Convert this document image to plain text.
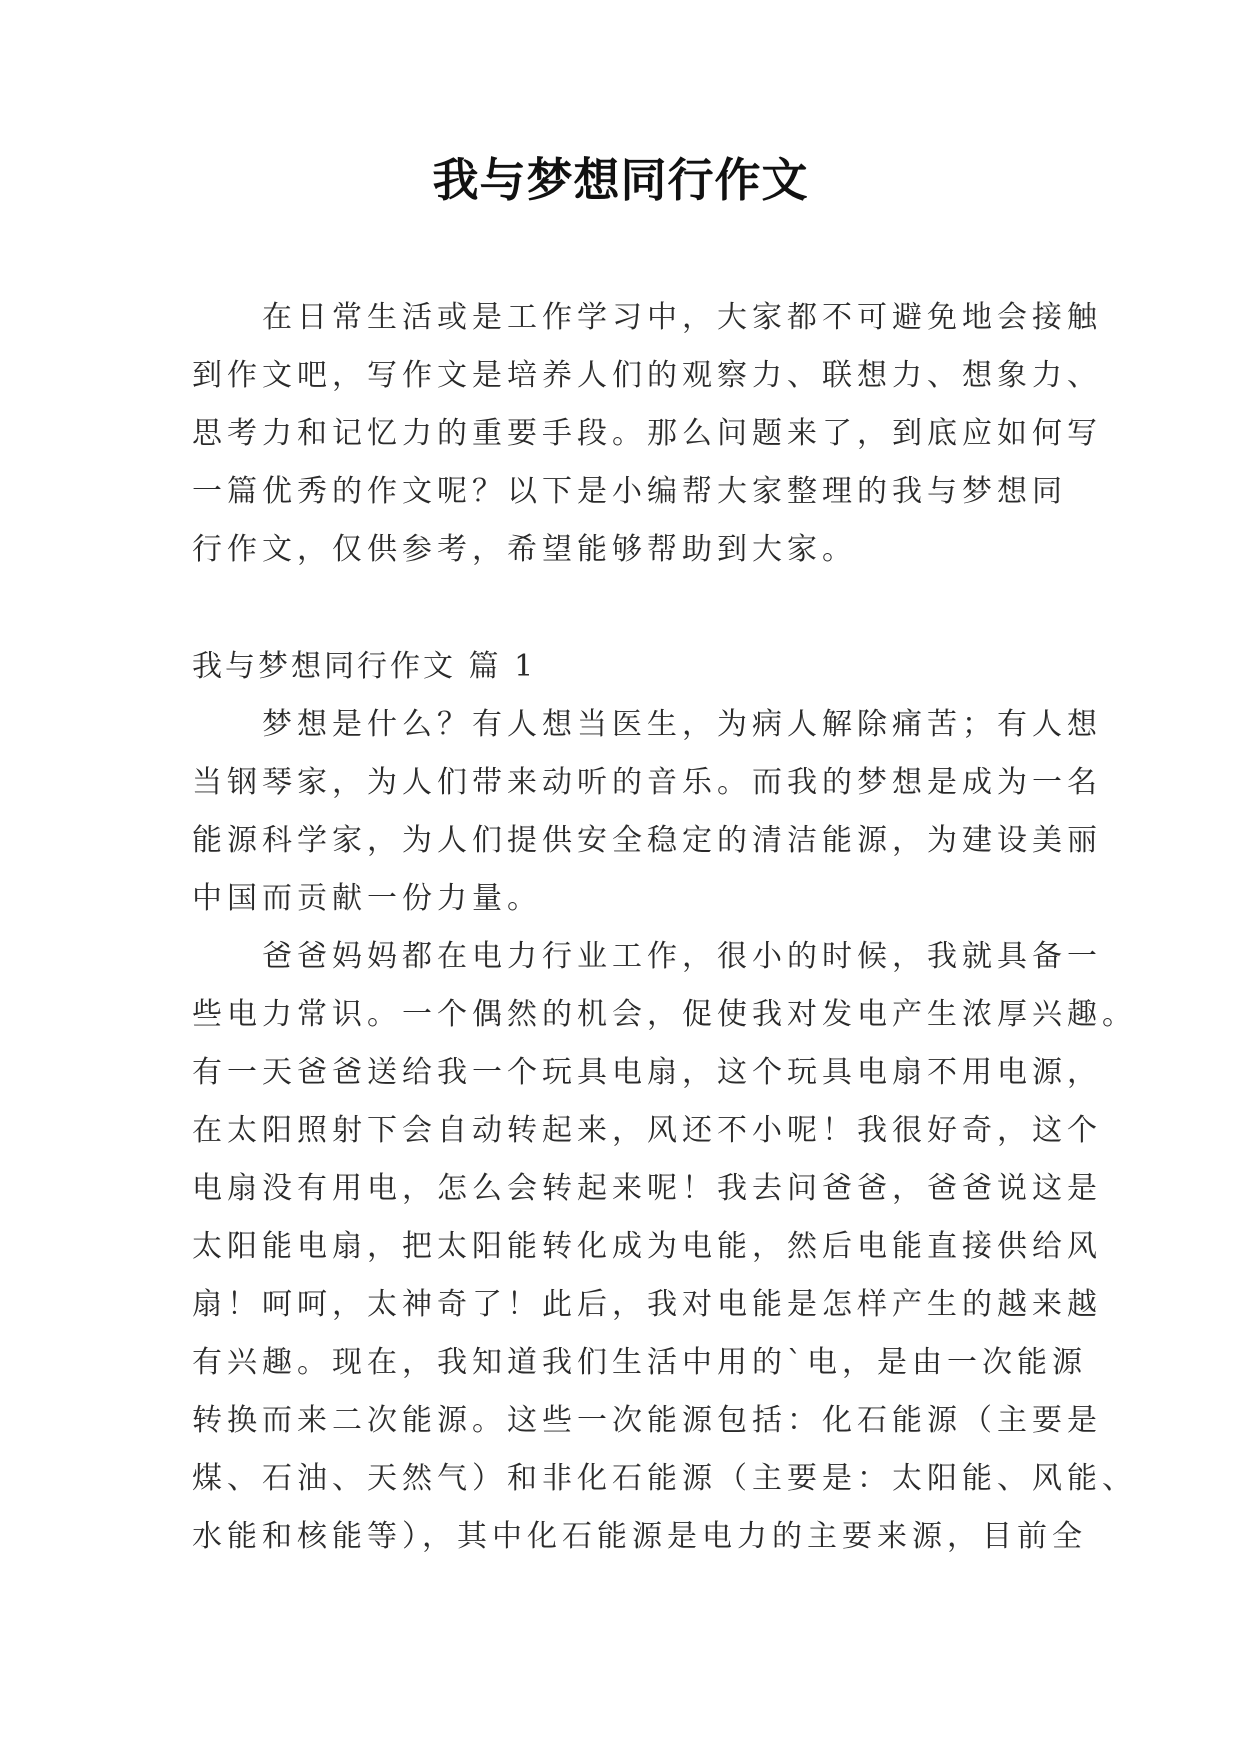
我与梦想同行作文
　　在日常生活或是工作学习中，大家都不可避免地会接触
到作文吧，写作文是培养人们的观察力、联想力、想象力、
思考力和记忆力的重要手段。那么问题来了，到底应如何写
一篇优秀的作文呢？以下是小编帮大家整理的我与梦想同
行作文，仅供参考，希望能够帮助到大家。
我与梦想同行作文 篇 1
　　梦想是什么？有人想当医生，为病人解除痛苦；有人想
当钢琴家，为人们带来动听的音乐。而我的梦想是成为一名
能源科学家，为人们提供安全稳定的清洁能源，为建设美丽
中国而贡献一份力量。
　　爸爸妈妈都在电力行业工作，很小的时候，我就具备一
些电力常识。一个偶然的机会，促使我对发电产生浓厚兴趣。
有一天爸爸送给我一个玩具电扇，这个玩具电扇不用电源，
在太阳照射下会自动转起来，风还不小呢！我很好奇，这个
电扇没有用电，怎么会转起来呢！我去问爸爸，爸爸说这是
太阳能电扇，把太阳能转化成为电能，然后电能直接供给风
扇！呵呵，太神奇了！此后，我对电能是怎样产生的越来越
有兴趣。现在，我知道我们生活中用的`电，是由一次能源
转换而来二次能源。这些一次能源包括：化石能源（主要是
煤、石油、天然气）和非化石能源（主要是：太阳能、风能、
水能和核能等），其中化石能源是电力的主要来源，目前全
